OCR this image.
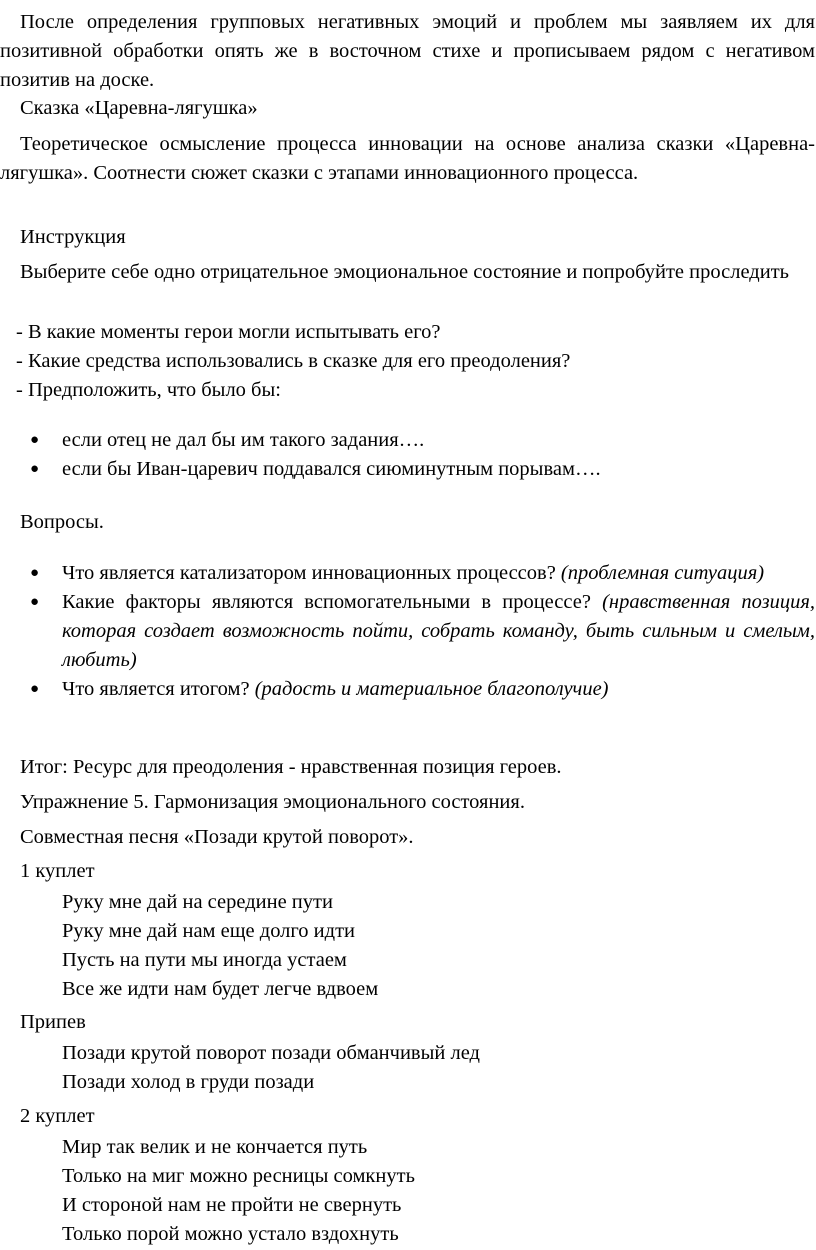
После определения групповых негативных эмоций и проблем мы заявляем их для позитивной обработки опять же в восточном стихе и прописываем рядом с негативом позитив на доске.

Сказка «Царевна-лягушка»

Теоретическое осмысление процесса инновации на основе анализа сказки «Царевна-лягушка». Соотнести сюжет сказки с этапами инновационного процесса.

Инструкция

Выберите себе одно отрицательное эмоциональное состояние и попробуйте проследить

- В какие моменты герои могли испытывать его?

- Какие средства использовались в сказке для его преодоления?

- Предположить, что было бы:

● если отец не дал бы им такого задания….
● если бы Иван-царевич поддавался сиюминутным порывам….

Вопросы.

● Что является катализатором инновационных процессов? (проблемная ситуация)
● Какие факторы являются вспомогательными в процессе? (нравственная позиция, которая создает возможность пойти, собрать команду, быть сильным и смелым, любить)
● Что является итогом? (радость и материальное благополучие)

Итог: Ресурс для преодоления - нравственная позиция героев.

Упражнение 5. Гармонизация эмоционального состояния.

Совместная песня «Позади крутой поворот».

1 куплет

Руку мне дай на середине пути

Руку мне дай нам еще долго идти

Пусть на пути мы иногда устаем

Все же идти нам будет легче вдвоем

Припев

Позади крутой поворот позади обманчивый лед

Позади холод в груди позади

2 куплет

Мир так велик и не кончается путь

Только на миг можно ресницы сомкнуть

И стороной нам не пройти не свернуть

Только порой можно устало вздохнуть
